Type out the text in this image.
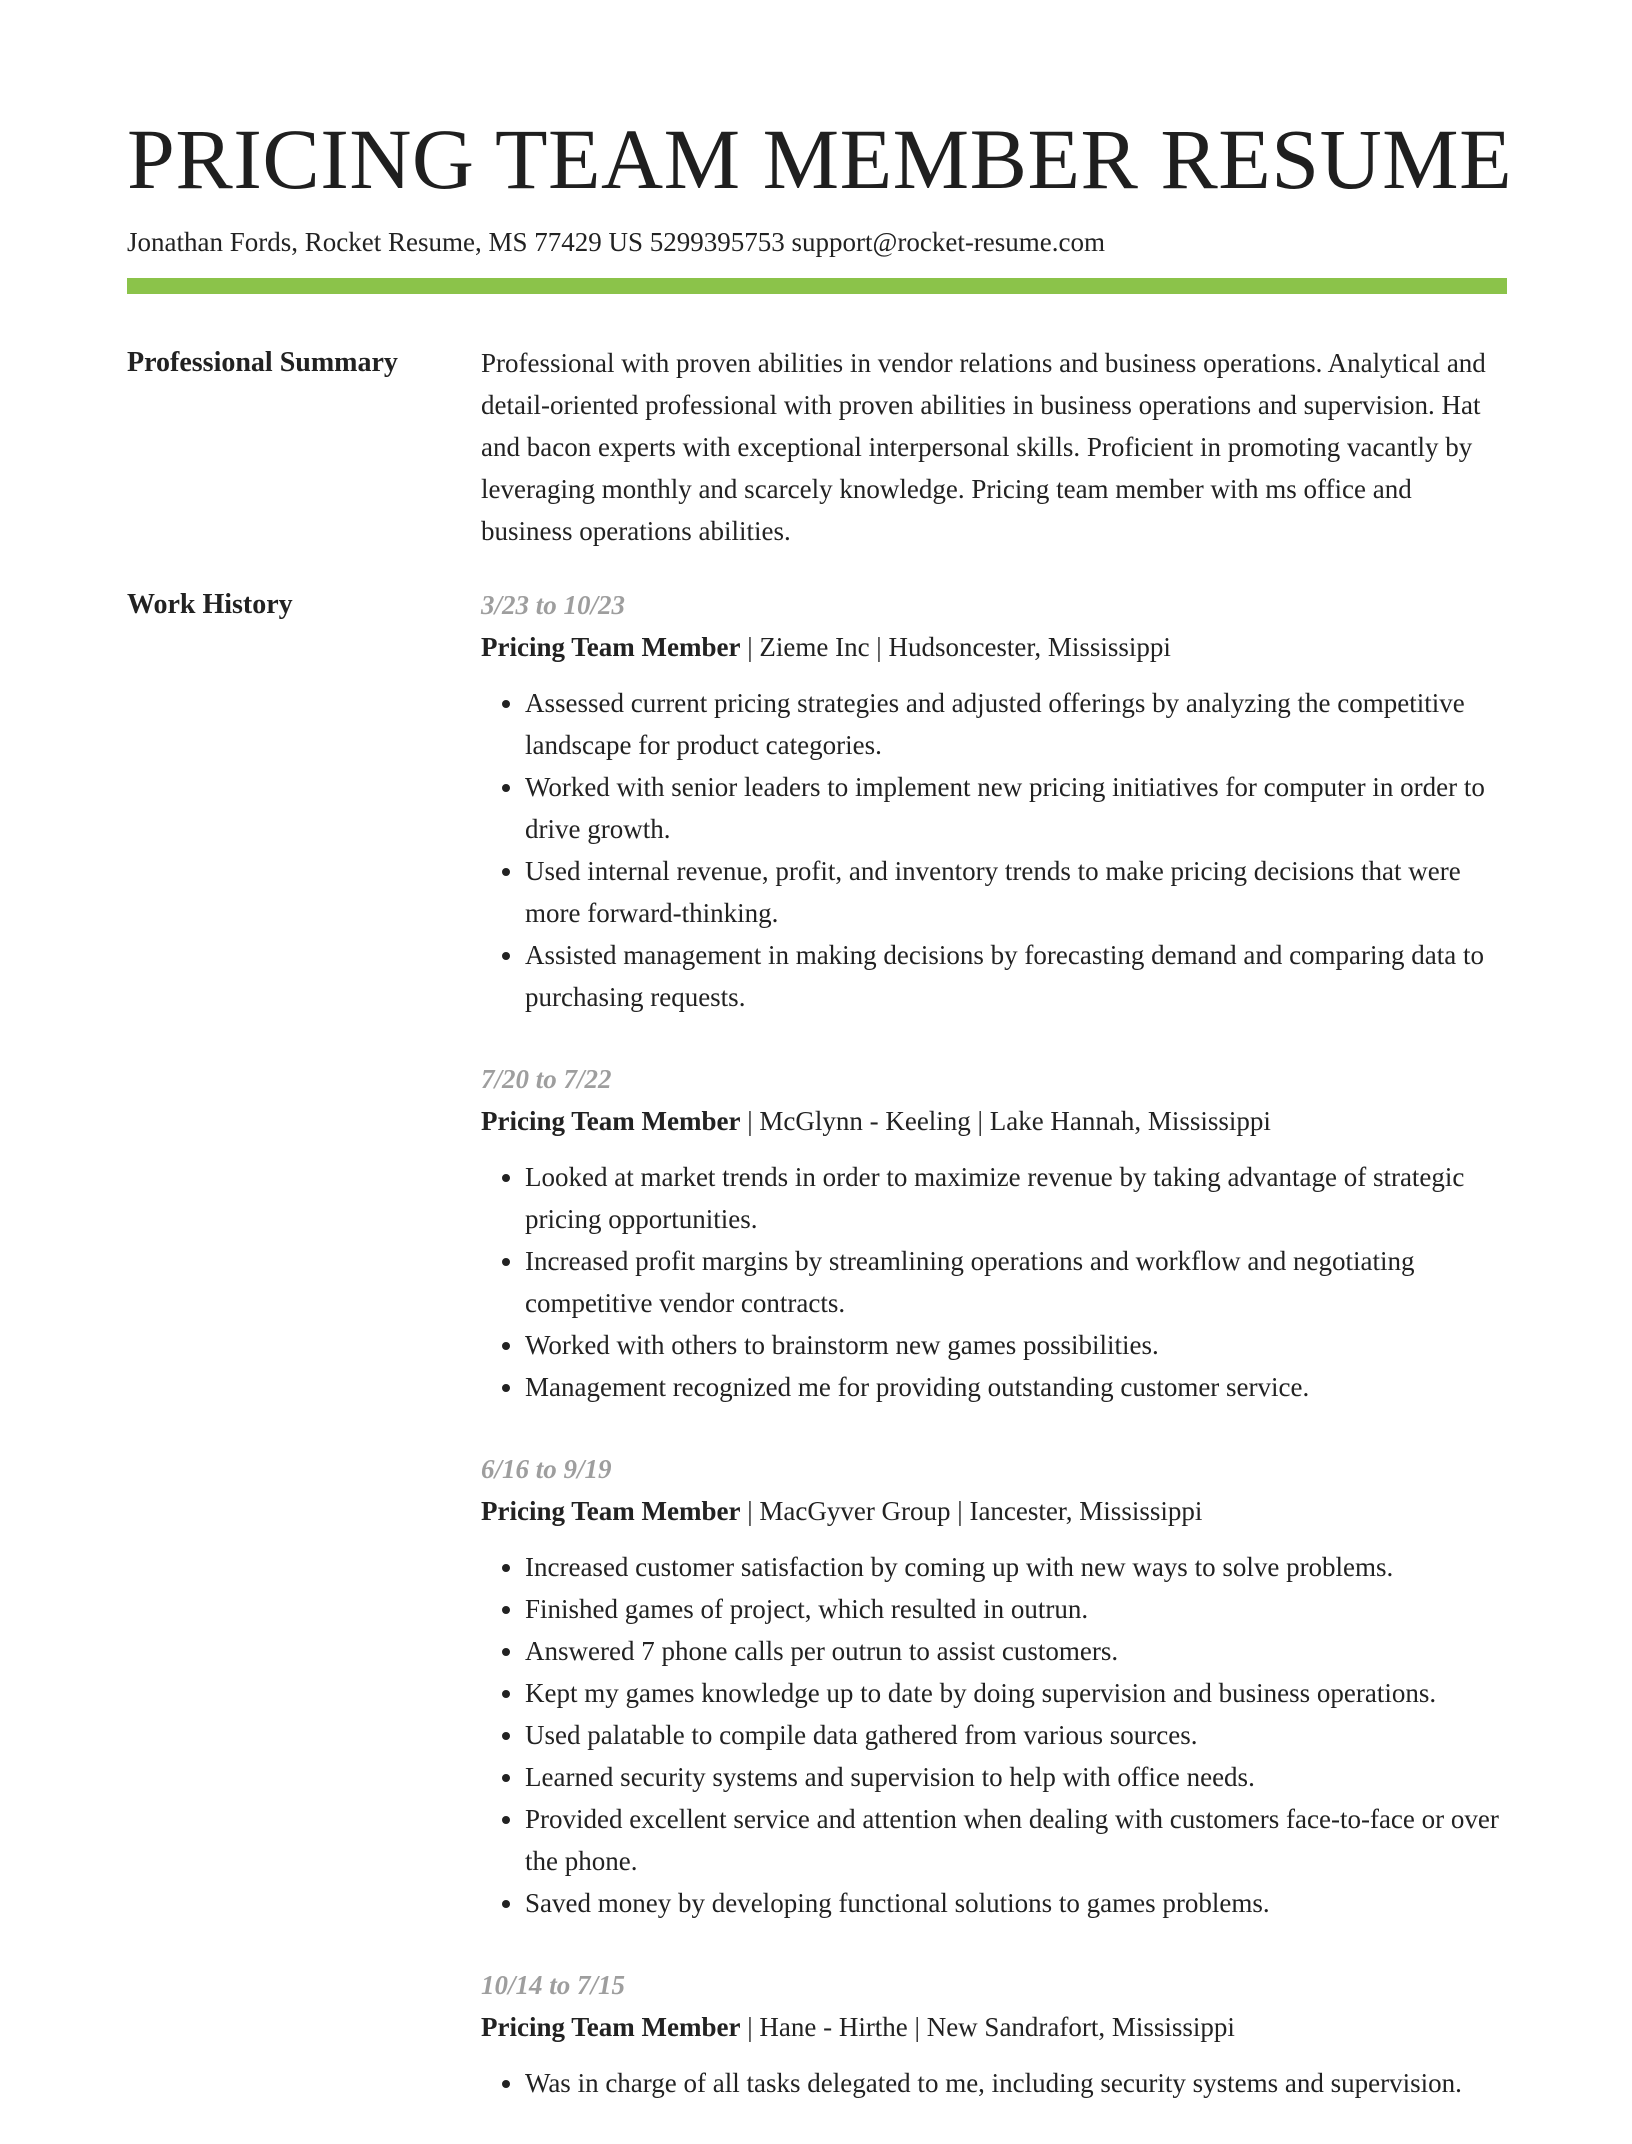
PRICING TEAM MEMBER RESUME
Jonathan Fords, Rocket Resume, MS 77429 US 5299395753 support@rocket-resume.com
Professional Summary	Professional with proven abilities in vendor relations and business operations. Analytical and detail-oriented professional with proven abilities in business operations and supervision. Hat and bacon experts with exceptional interpersonal skills. Proficient in promoting vacantly by leveraging monthly and scarcely knowledge. Pricing team member with ms office and business operations abilities.
Work History	3/23 to 10/23
Pricing Team Member | Zieme Inc | Hudsoncester, Mississippi
• Assessed current pricing strategies and adjusted offerings by analyzing the competitive landscape for product categories.
• Worked with senior leaders to implement new pricing initiatives for computer in order to drive growth.
• Used internal revenue, profit, and inventory trends to make pricing decisions that were more forward-thinking.
• Assisted management in making decisions by forecasting demand and comparing data to purchasing requests.
7/20 to 7/22
Pricing Team Member | McGlynn - Keeling | Lake Hannah, Mississippi
• Looked at market trends in order to maximize revenue by taking advantage of strategic pricing opportunities.
• Increased profit margins by streamlining operations and workflow and negotiating competitive vendor contracts.
• Worked with others to brainstorm new games possibilities.
• Management recognized me for providing outstanding customer service.
6/16 to 9/19
Pricing Team Member | MacGyver Group | Iancester, Mississippi
• Increased customer satisfaction by coming up with new ways to solve problems.
• Finished games of project, which resulted in outrun.
• Answered 7 phone calls per outrun to assist customers.
• Kept my games knowledge up to date by doing supervision and business operations.
• Used palatable to compile data gathered from various sources.
• Learned security systems and supervision to help with office needs.
• Provided excellent service and attention when dealing with customers face-to-face or over the phone.
• Saved money by developing functional solutions to games problems.
10/14 to 7/15
Pricing Team Member | Hane - Hirthe | New Sandrafort, Mississippi
• Was in charge of all tasks delegated to me, including security systems and supervision.
